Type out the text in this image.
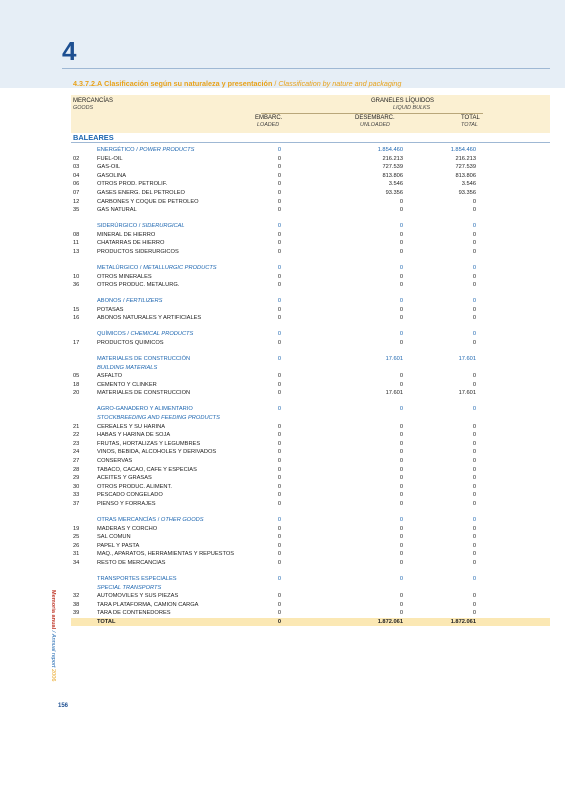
4
4.3.7.2.A Clasificación según su naturaleza y presentación / Classification by nature and packaging
MERCANCÍAS
GOODS
GRANELES LÍQUIDOS
LIQUID BULKS
EMBARC.
LOADED
DESEMBARC.
UNLOADED
TOTAL
TOTAL
BALEARES
ENERGÉTICO / POWER PRODUCTS	0	1.854.460	1.854.460
02	FUEL-OIL	0	216.213	216.213
03	GAS-OIL	0	727.539	727.539
04	GASOLINA	0	813.806	813.806
06	OTROS PROD. PETROLIF.	0	3.546	3.546
07	GASES ENERG. DEL PETROLEO	0	93.356	93.356
12	CARBONES Y COQUE DE PETROLEO	0	0	0
35	GAS NATURAL	0	0	0
SIDERÚRGICO / SIDERURGICAL	0	0	0
08	MINERAL DE HIERRO	0	0	0
11	CHATARRAS DE HIERRO	0	0	0
13	PRODUCTOS SIDERURGICOS	0	0	0
METALÚRGICO / METALLURGIC PRODUCTS	0	0	0
10	OTROS MINERALES	0	0	0
36	OTROS PRODUC. METALURG.	0	0	0
ABONOS / FERTILIZERS	0	0	0
15	POTASAS	0	0	0
16	ABONOS NATURALES Y ARTIFICIALES	0	0	0
QUÍMICOS / CHEMICAL PRODUCTS	0	0	0
17	PRODUCTOS QUIMICOS	0	0	0
MATERIALES DE CONSTRUCCIÓN	0	17.601	17.601
BUILDING MATERIALS
05	ASFALTO	0	0	0
18	CEMENTO Y CLINKER	0	0	0
20	MATERIALES DE CONSTRUCCION	0	17.601	17.601
AGRO-GANADERO Y ALIMENTARIO	0	0	0
STOCKBREEDING AND FEEDING PRODUCTS
21	CEREALES Y SU HARINA	0	0	0
22	HABAS Y HARINA DE SOJA	0	0	0
23	FRUTAS, HORTALIZAS Y LEGUMBRES	0	0	0
24	VINOS, BEBIDA, ALCOHOLES Y DERIVADOS	0	0	0
27	CONSERVAS	0	0	0
28	TABACO, CACAO, CAFE Y ESPECIAS	0	0	0
29	ACEITES Y GRASAS	0	0	0
30	OTROS PRODUC. ALIMENT.	0	0	0
33	PESCADO CONGELADO	0	0	0
37	PIENSO Y FORRAJES	0	0	0
OTRAS MERCANCÍAS / OTHER GOODS	0	0	0
19	MADERAS Y CORCHO	0	0	0
25	SAL COMUN	0	0	0
26	PAPEL Y PASTA	0	0	0
31	MAQ., APARATOS, HERRAMIENTAS Y REPUESTOS	0	0	0
34	RESTO DE MERCANCIAS	0	0	0
TRANSPORTES ESPECIALES	0	0	0
SPECIAL TRANSPORTS
32	AUTOMOVILES Y SUS PIEZAS	0	0	0
38	TARA PLATAFORMA, CAMION CARGA	0	0	0
39	TARA DE CONTENEDORES	0	0	0
TOTAL	0	1.872.061	1.872.061
Memoria anual / Annual report 2006
156
